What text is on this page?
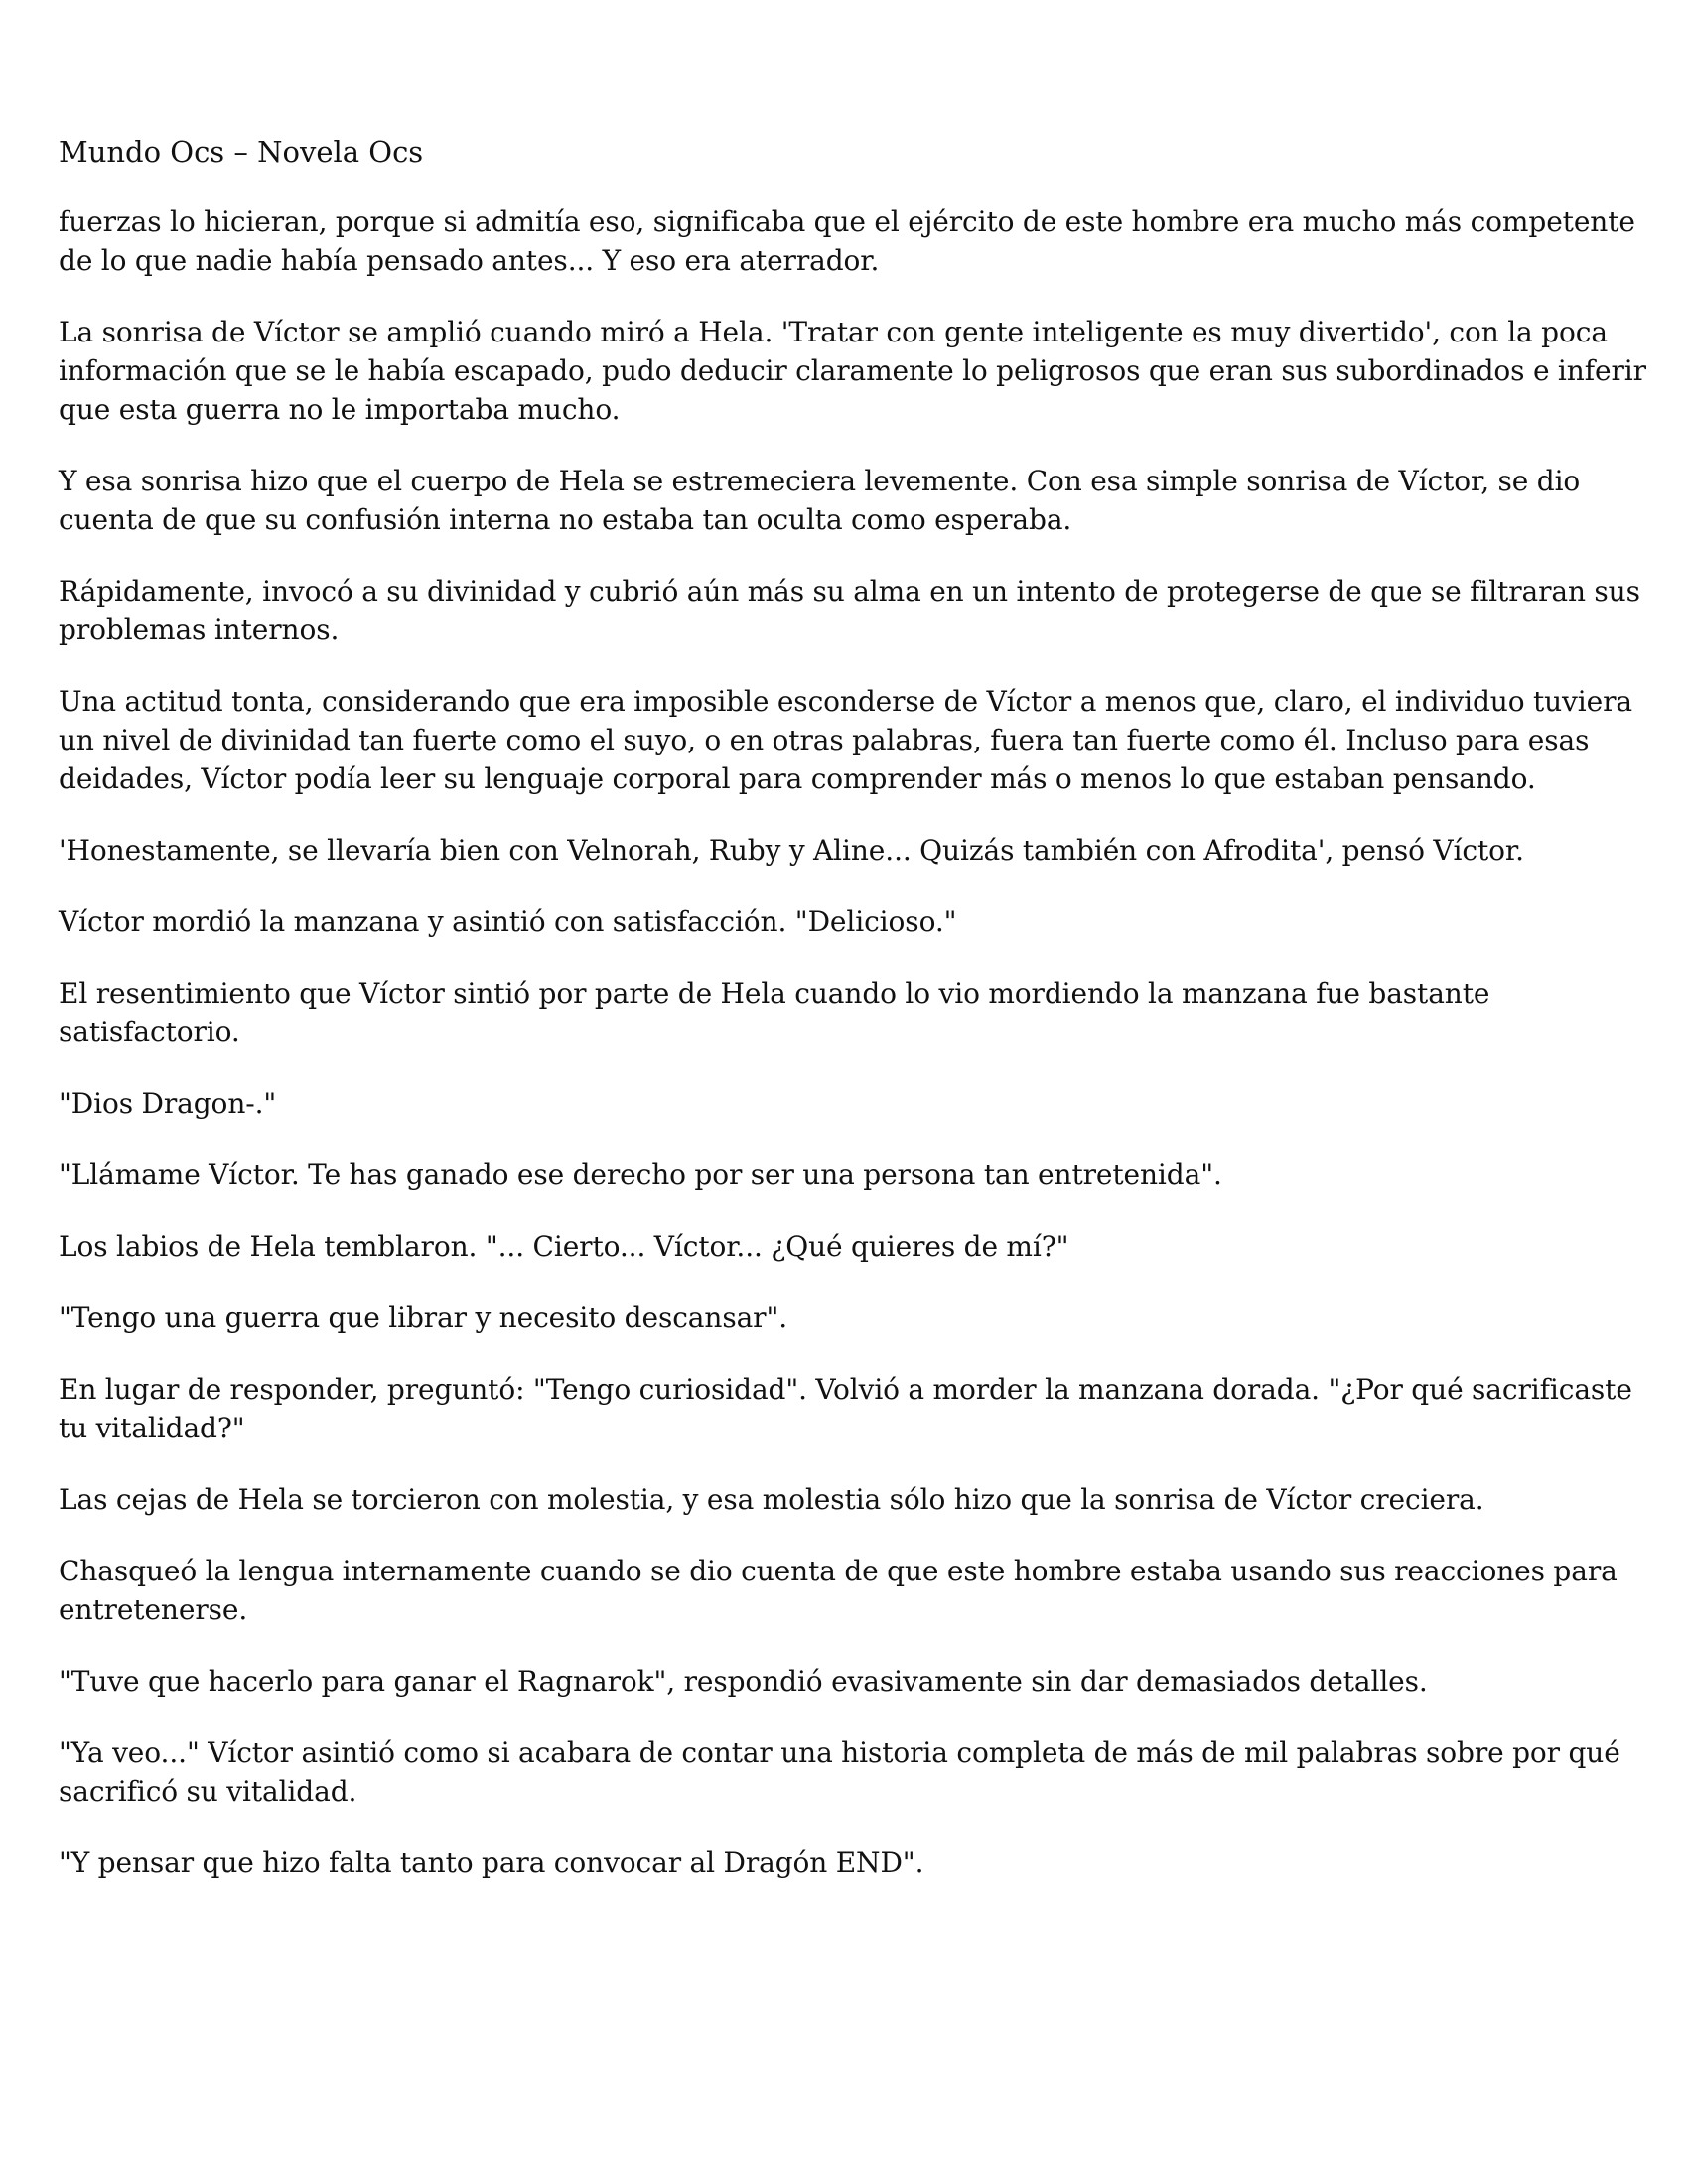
Mundo Ocs – Novela Ocs

fuerzas lo hicieran, porque si admitía eso, significaba que el ejército de este hombre era mucho más competente de lo que nadie había pensado antes... Y eso era aterrador.

La sonrisa de Víctor se amplió cuando miró a Hela. 'Tratar con gente inteligente es muy divertido', con la poca información que se le había escapado, pudo deducir claramente lo peligrosos que eran sus subordinados e inferir que esta guerra no le importaba mucho.

Y esa sonrisa hizo que el cuerpo de Hela se estremeciera levemente. Con esa simple sonrisa de Víctor, se dio cuenta de que su confusión interna no estaba tan oculta como esperaba.

Rápidamente, invocó a su divinidad y cubrió aún más su alma en un intento de protegerse de que se filtraran sus problemas internos.

Una actitud tonta, considerando que era imposible esconderse de Víctor a menos que, claro, el individuo tuviera un nivel de divinidad tan fuerte como el suyo, o en otras palabras, fuera tan fuerte como él. Incluso para esas deidades, Víctor podía leer su lenguaje corporal para comprender más o menos lo que estaban pensando.

'Honestamente, se llevaría bien con Velnorah, Ruby y Aline... Quizás también con Afrodita', pensó Víctor.

Víctor mordió la manzana y asintió con satisfacción. "Delicioso."

El resentimiento que Víctor sintió por parte de Hela cuando lo vio mordiendo la manzana fue bastante satisfactorio.

"Dios Dragon-."

"Llámame Víctor. Te has ganado ese derecho por ser una persona tan entretenida".

Los labios de Hela temblaron. "... Cierto... Víctor... ¿Qué quieres de mí?"

"Tengo una guerra que librar y necesito descansar".

En lugar de responder, preguntó: "Tengo curiosidad". Volvió a morder la manzana dorada. "¿Por qué sacrificaste tu vitalidad?"

Las cejas de Hela se torcieron con molestia, y esa molestia sólo hizo que la sonrisa de Víctor creciera.

Chasqueó la lengua internamente cuando se dio cuenta de que este hombre estaba usando sus reacciones para entretenerse.

"Tuve que hacerlo para ganar el Ragnarok", respondió evasivamente sin dar demasiados detalles.

"Ya veo..." Víctor asintió como si acabara de contar una historia completa de más de mil palabras sobre por qué sacrificó su vitalidad.

"Y pensar que hizo falta tanto para convocar al Dragón END".
